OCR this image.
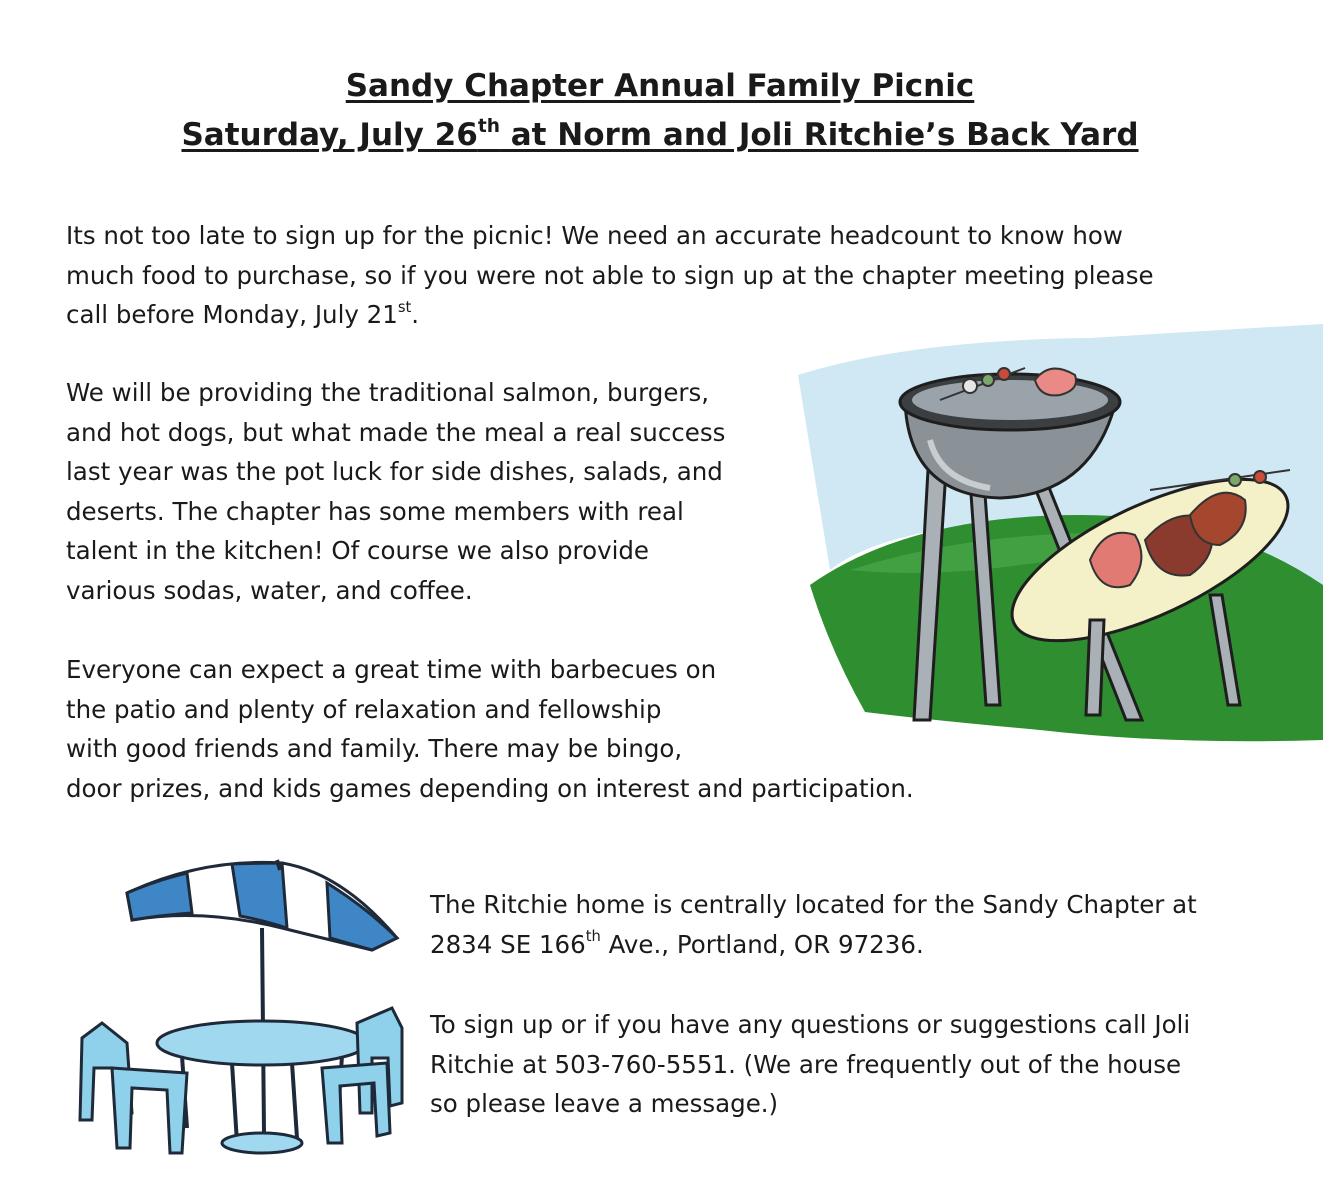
Sandy Chapter Annual Family Picnic
Saturday, July 26th at Norm and Joli Ritchie’s Back Yard
Its not too late to sign up for the picnic! We need an accurate headcount to know how
much food to purchase, so if you were not able to sign up at the chapter meeting please
call before Monday, July 21st.
We will be providing the traditional salmon, burgers,
and hot dogs, but what made the meal a real success
last year was the pot luck for side dishes, salads, and
deserts. The chapter has some members with real
talent in the kitchen! Of course we also provide
various sodas, water, and coffee.
Everyone can expect a great time with barbecues on
the patio and plenty of relaxation and fellowship
with good friends and family. There may be bingo,
door prizes, and kids games depending on interest and participation.
The Ritchie home is centrally located for the Sandy Chapter at
2834 SE 166th Ave., Portland, OR 97236.
To sign up or if you have any questions or suggestions call Joli
Ritchie at 503-760-5551. (We are frequently out of the house
so please leave a message.)
